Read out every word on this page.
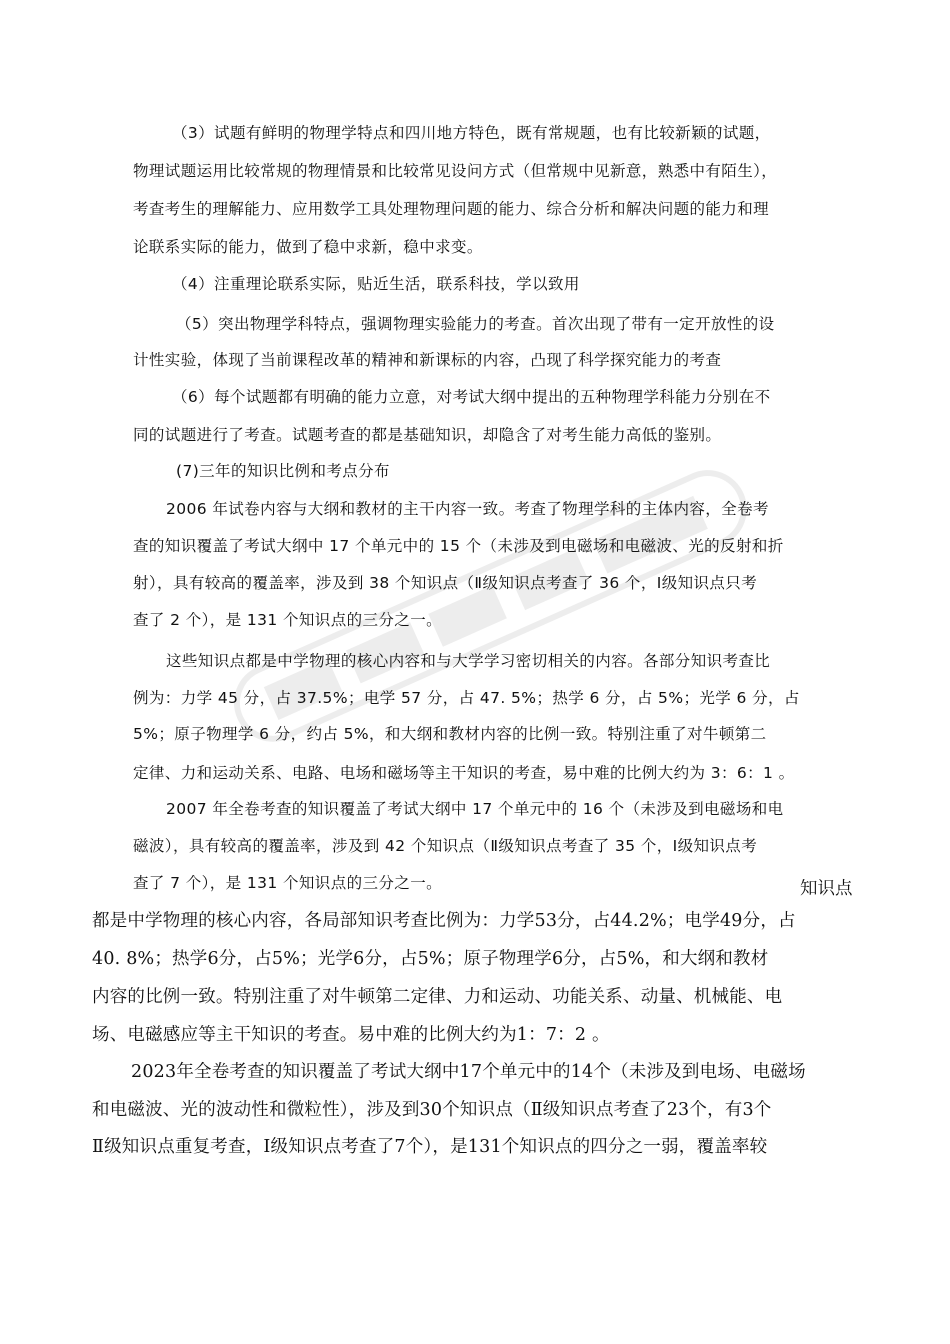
（3）试题有鲜明的物理学特点和四川地方特色，既有常规题，也有比较新颖的试题，
物理试题运用比较常规的物理情景和比较常见设问方式（但常规中见新意，熟悉中有陌生），
考查考生的理解能力、应用数学工具处理物理问题的能力、综合分析和解决问题的能力和理
论联系实际的能力，做到了稳中求新，稳中求变。
（4）注重理论联系实际，贴近生活，联系科技，学以致用
（5）突出物理学科特点，强调物理实验能力的考查。首次出现了带有一定开放性的设
计性实验，体现了当前课程改革的精神和新课标的内容，凸现了科学探究能力的考查
（6）每个试题都有明确的能力立意，对考试大纲中提出的五种物理学科能力分别在不
同的试题进行了考查。试题考查的都是基础知识，却隐含了对考生能力高低的鉴别。
(7)三年的知识比例和考点分布
2006 年试卷内容与大纲和教材的主干内容一致。考查了物理学科的主体内容，全卷考
查的知识覆盖了考试大纲中 17 个单元中的 15 个（未涉及到电磁场和电磁波、光的反射和折
射），具有较高的覆盖率，涉及到 38 个知识点（Ⅱ级知识点考查了 36 个，Ⅰ级知识点只考
查了 2 个），是 131 个知识点的三分之一。
这些知识点都是中学物理的核心内容和与大学学习密切相关的内容。各部分知识考查比
例为：力学 45 分，占 37.5%；电学 57 分，占 47. 5%；热学 6 分，占 5%；光学 6 分，占
5%；原子物理学 6 分，约占 5%，和大纲和教材内容的比例一致。特别注重了对牛顿第二
定律、力和运动关系、电路、电场和磁场等主干知识的考查，易中难的比例大约为 3：6：1 。
2007 年全卷考查的知识覆盖了考试大纲中 17 个单元中的 16 个（未涉及到电磁场和电
磁波），具有较高的覆盖率，涉及到 42 个知识点（Ⅱ级知识点考查了 35 个，Ⅰ级知识点考
查了 7 个），是 131 个知识点的三分之一。	知识点
都是中学物理的核心内容，各局部知识考查比例为：力学53分，占44.2%；电学49分，占
40. 8%；热学6分，占5%；光学6分，占5%；原子物理学6分，占5%，和大纲和教材
内容的比例一致。特别注重了对牛顿第二定律、力和运动、功能关系、动量、机械能、电
场、电磁感应等主干知识的考查。易中难的比例大约为1：7：2 。
2023年全卷考查的知识覆盖了考试大纲中17个单元中的14个（未涉及到电场、电磁场
和电磁波、光的波动性和微粒性），涉及到30个知识点（Ⅱ级知识点考查了23个，有3个
Ⅱ级知识点重复考查，Ⅰ级知识点考查了7个），是131个知识点的四分之一弱，覆盖率较
